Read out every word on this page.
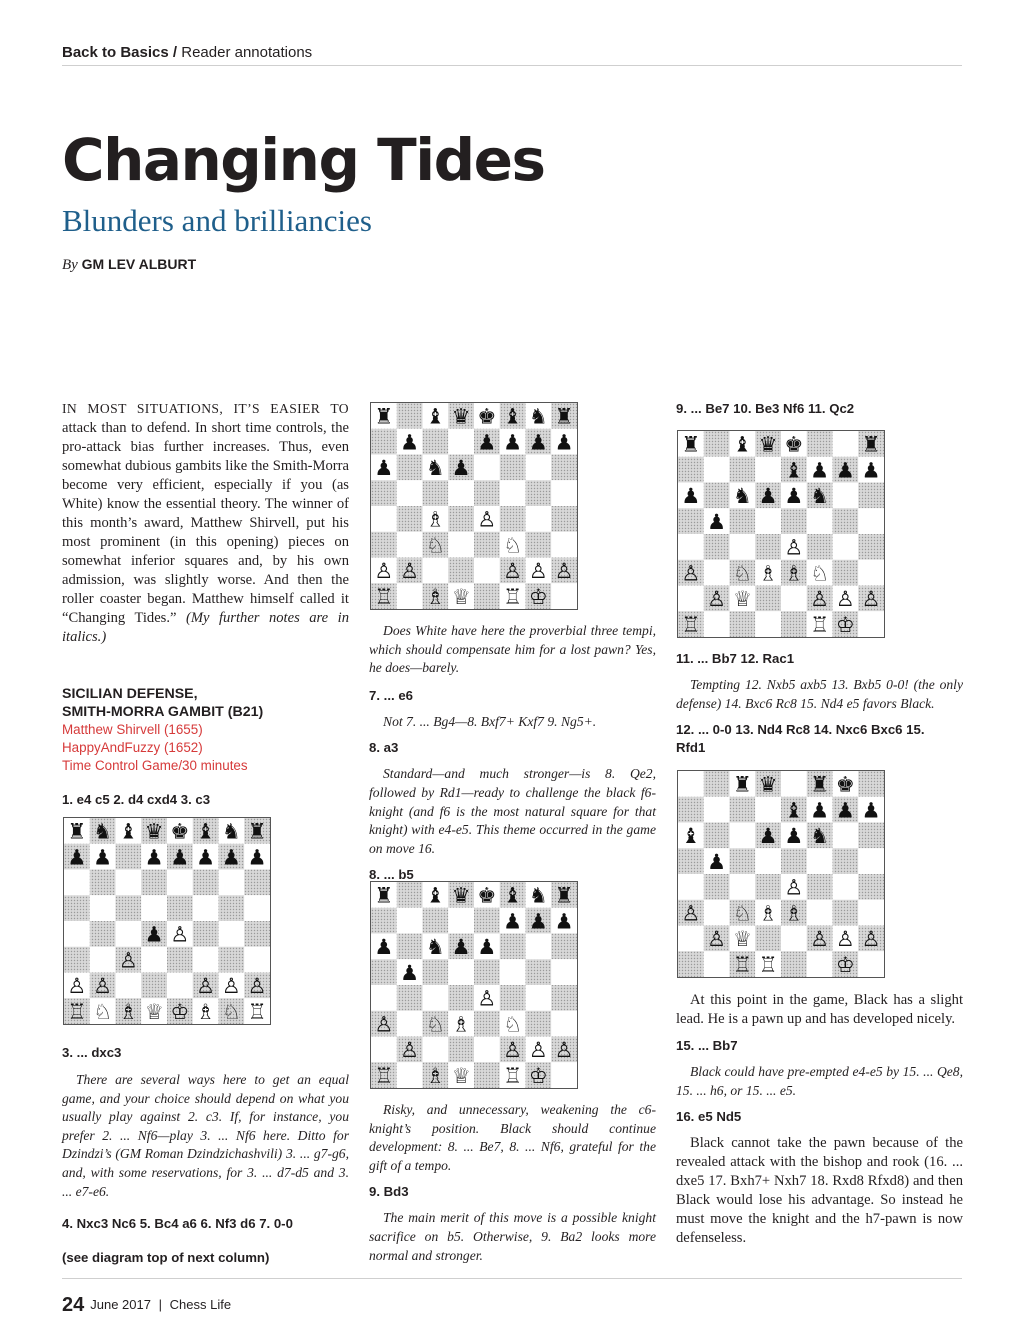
Back to Basics / Reader annotations
Changing Tides
Blunders and brilliancies
By GM LEV ALBURT

IN MOST SITUATIONS, IT’S EASIER TO attack than to defend. In short time controls, the pro-attack bias further increases. Thus, even somewhat dubious gambits like the Smith-Morra become very efficient, especially if you (as White) know the essential theory. The winner of this month’s award, Matthew Shirvell, put his most prominent (in this opening) pieces on somewhat inferior squares and, by his own admission, was slightly worse. And then the roller coaster began. Matthew himself called it “Changing Tides.” (My further notes are in italics.)

SICILIAN DEFENSE,
SMITH-MORRA GAMBIT (B21)
Matthew Shirvell (1655)
HappyAndFuzzy (1652)
Time Control Game/30 minutes
1. e4 c5 2. d4 cxd4 3. c3
♜ ♞ ♝ ♛ ♚ ♝ ♞ ♜
♟ ♟ ♟ ♟ ♟ ♟ ♟
♟ ♙
♙
♙ ♙	♙ ♙ ♙
♖ ♘ ♗ ♕ ♔ ♗ ♘ ♖
3. ... dxc3

There are several ways here to get an equal game, and your choice should depend on what you usually play against 2. c3. If, for instance, you prefer 2. ... Nf6—play 3. ... Nf6 here. Ditto for Dzindzi’s (GM Roman Dzindzichashvili) 3. ... g7-g6, and, with some reservations, for 3. ... d7-d5 and 3. ... e7-e6.

4. Nxc3 Nc6 5. Bc4 a6 6. Nf3 d6 7. 0-0
(see diagram top of next column)
♜ ♝ ♛ ♚ ♝ ♞ ♜
♟	♟ ♟ ♟ ♟
♟ ♞ ♟
♗ ♙
♘	♘
♙ ♙	♙ ♙ ♙
♖ ♗ ♕ ♖ ♔

Does White have here the proverbial three tempi, which should compensate him for a lost pawn? Yes, he does—barely.

7. ... e6

Not 7. ... Bg4—8. Bxf7+ Kxf7 9. Ng5+.

8. a3

Standard—and much stronger—is 8. Qe2, followed by Rd1—ready to challenge the black f6-knight (and f6 is the most natural square for that knight) with e4-e5. This theme occurred in the game on move 16.

8. ... b5
♜ ♝ ♛ ♚ ♝ ♞ ♜
♟ ♟ ♟
♟ ♞ ♟ ♟
♟
♙
♙ ♘ ♗ ♘
♙	♙ ♙ ♙
♖ ♗ ♕ ♖ ♔

Risky, and unnecessary, weakening the c6-knight’s position. Black should continue development: 8. ... Be7, 8. ... Nf6, grateful for the gift of a tempo.

9. Bd3

The main merit of this move is a possible knight sacrifice on b5. Otherwise, 9. Ba2 looks more normal and stronger.

9. ... Be7 10. Be3 Nf6 11. Qc2
♜ ♝ ♛ ♚	♜
♝ ♟ ♟ ♟
♟ ♞ ♟ ♟ ♞
♟
♙
♙ ♘ ♗ ♗ ♘
♙ ♕	♙ ♙ ♙
♖	♖ ♔
11. ... Bb7 12. Rac1

Tempting 12. Nxb5 axb5 13. Bxb5 0-0! (the only defense) 14. Bxc6 Rc8 15. Nd4 e5 favors Black.

12. ... 0-0 13. Nd4 Rc8 14. Nxc6 Bxc6 15.
Rfd1
♜ ♛ ♜ ♚
♝ ♟ ♟ ♟
♝	♟ ♟ ♞
♟
♙
♙ ♘ ♗ ♗
♙ ♕	♙ ♙ ♙
♖ ♖	♔

At this point in the game, Black has a slight lead. He is a pawn up and has developed nicely.

15. ... Bb7

Black could have pre-empted e4-e5 by 15. ... Qe8, 15. ... h6, or 15. ... e5.

16. e5 Nd5

Black cannot take the pawn because of the revealed attack with the bishop and rook (16. ... dxe5 17. Bxh7+ Nxh7 18. Rxd8 Rfxd8) and then Black would lose his advantage. So instead he must move the knight and the h7-pawn is now defenseless.

24 June 2017 | Chess Life
